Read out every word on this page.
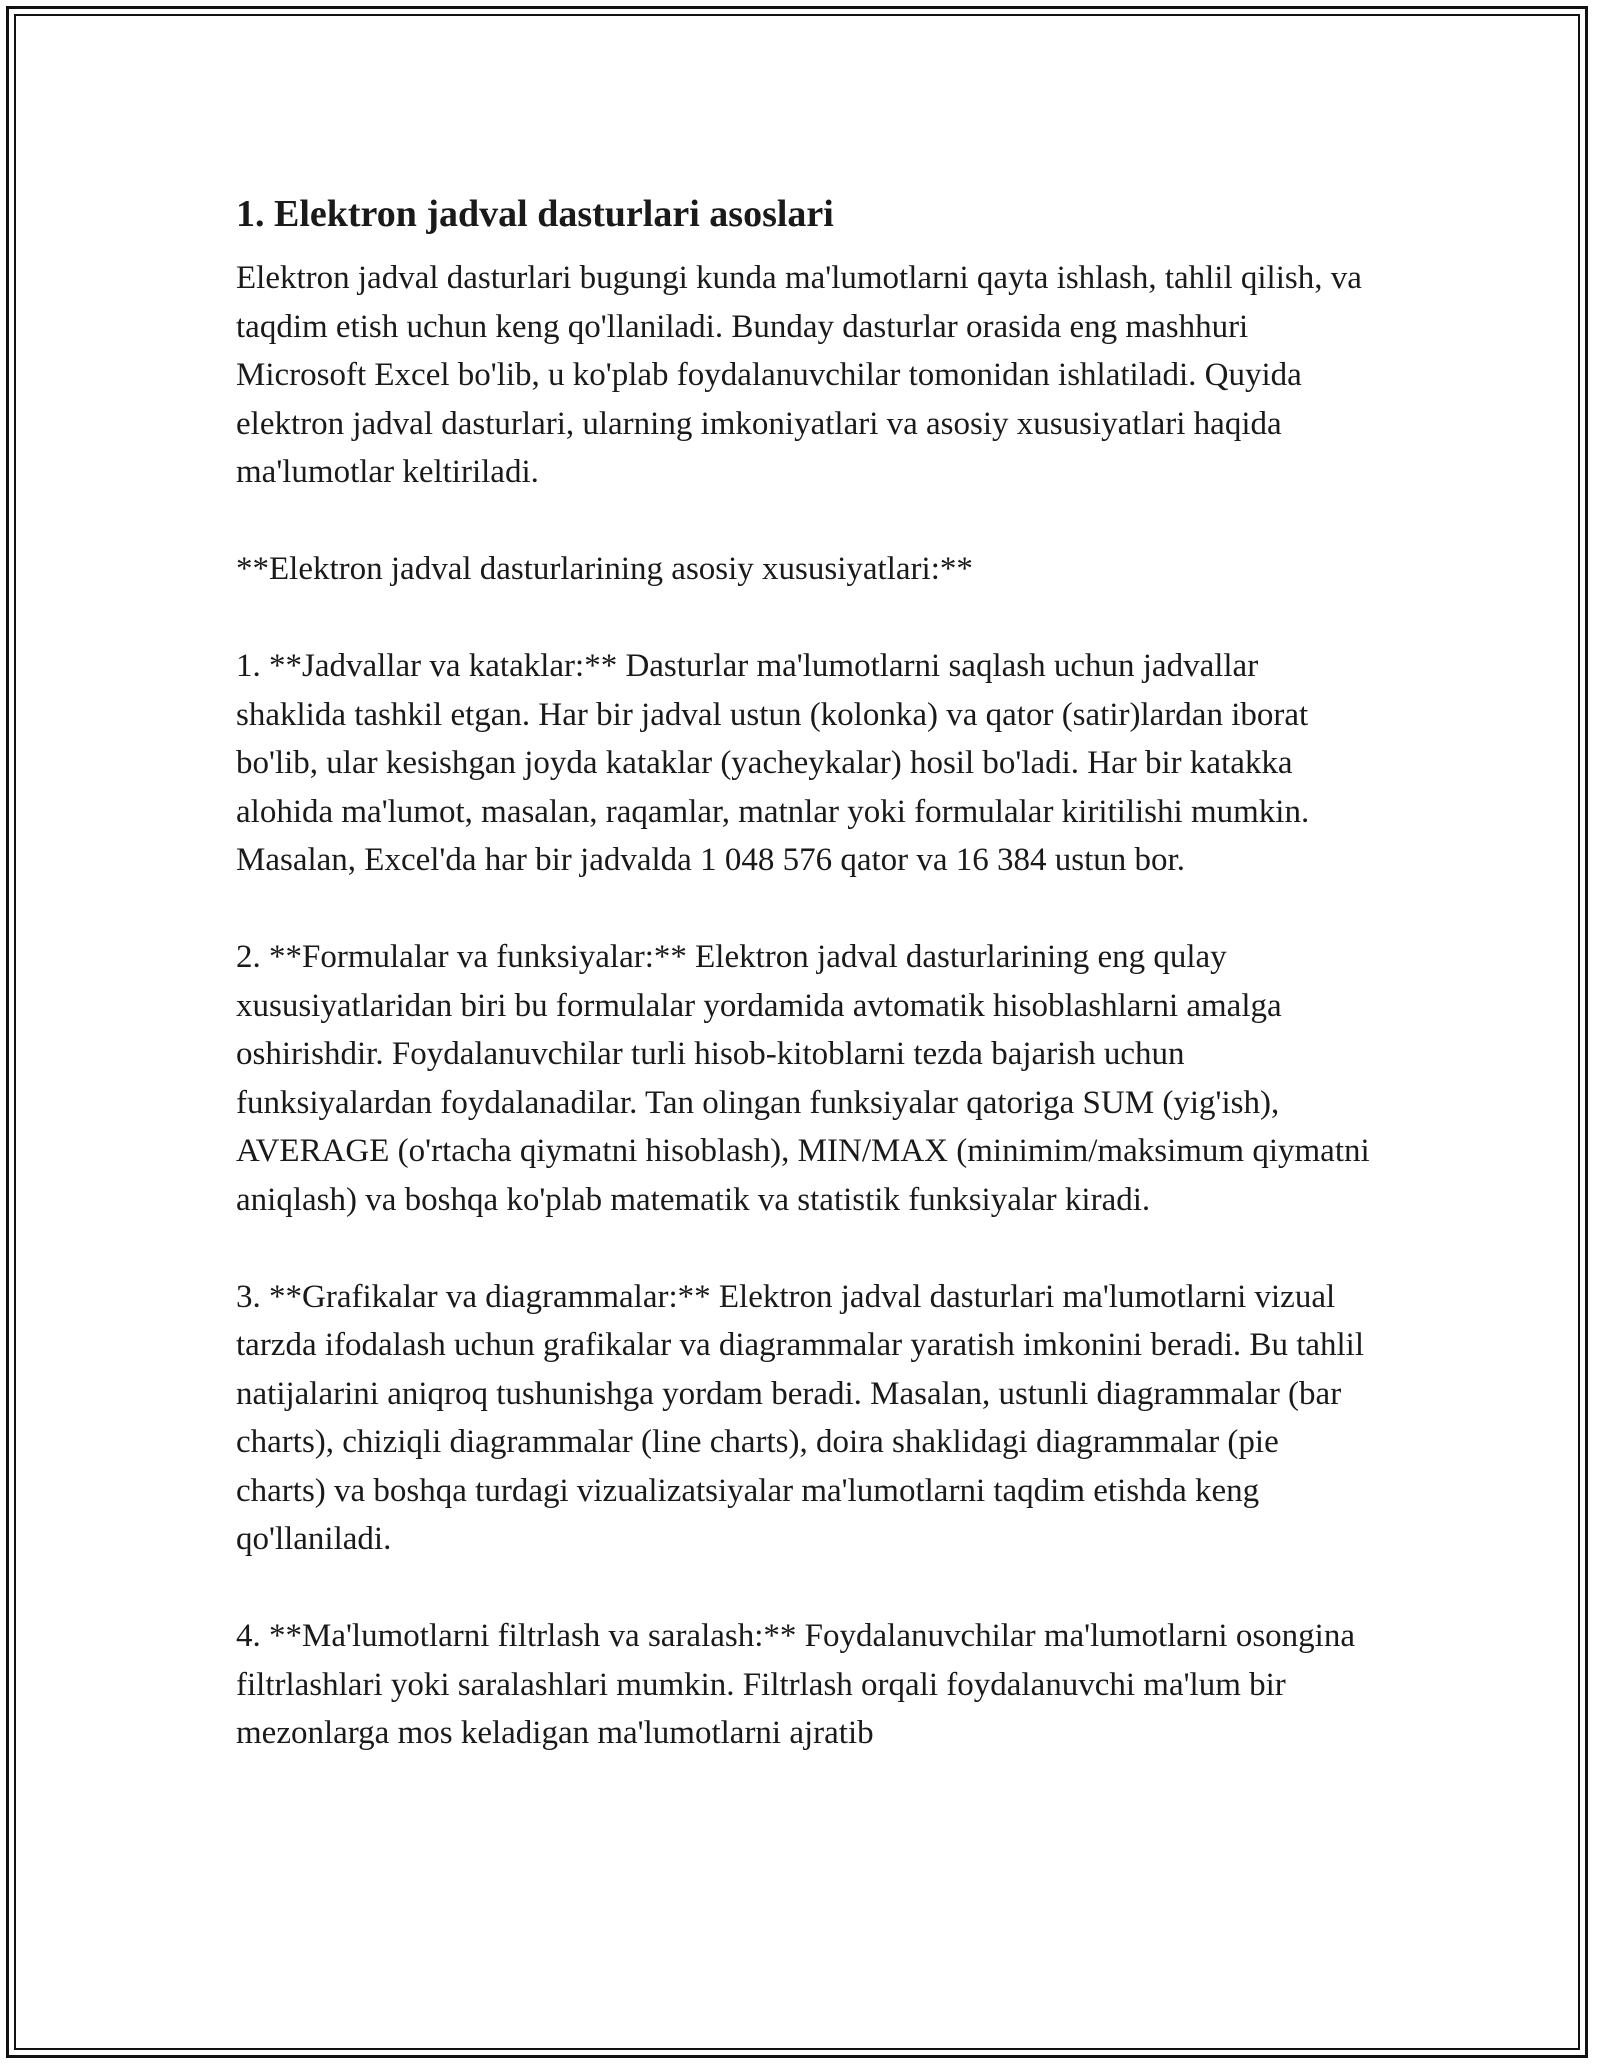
1. Elektron jadval dasturlari asoslari

Elektron jadval dasturlari bugungi kunda ma'lumotlarni qayta ishlash, tahlil qilish, va taqdim etish uchun keng qo'llaniladi. Bunday dasturlar orasida eng mashhuri Microsoft Excel bo'lib, u ko'plab foydalanuvchilar tomonidan ishlatiladi. Quyida elektron jadval dasturlari, ularning imkoniyatlari va asosiy xususiyatlari haqida ma'lumotlar keltiriladi.

**Elektron jadval dasturlarining asosiy xususiyatlari:**

1. **Jadvallar va kataklar:** Dasturlar ma'lumotlarni saqlash uchun jadvallar shaklida tashkil etgan. Har bir jadval ustun (kolonka) va qator (satir)lardan iborat bo'lib, ular kesishgan joyda kataklar (yacheykalar) hosil bo'ladi. Har bir katakka alohida ma'lumot, masalan, raqamlar, matnlar yoki formulalar kiritilishi mumkin. Masalan, Excel'da har bir jadvalda 1 048 576 qator va 16 384 ustun bor.

2. **Formulalar va funksiyalar:** Elektron jadval dasturlarining eng qulay xususiyatlaridan biri bu formulalar yordamida avtomatik hisoblashlarni amalga oshirishdir. Foydalanuvchilar turli hisob-kitoblarni tezda bajarish uchun funksiyalardan foydalanadilar. Tan olingan funksiyalar qatoriga SUM (yig'ish), AVERAGE (o'rtacha qiymatni hisoblash), MIN/MAX (minimim/maksimum qiymatni aniqlash) va boshqa ko'plab matematik va statistik funksiyalar kiradi.

3. **Grafikalar va diagrammalar:** Elektron jadval dasturlari ma'lumotlarni vizual tarzda ifodalash uchun grafikalar va diagrammalar yaratish imkonini beradi. Bu tahlil natijalarini aniqroq tushunishga yordam beradi. Masalan, ustunli diagrammalar (bar charts), chiziqli diagrammalar (line charts), doira shaklidagi diagrammalar (pie charts) va boshqa turdagi vizualizatsiyalar ma'lumotlarni taqdim etishda keng qo'llaniladi.

4. **Ma'lumotlarni filtrlash va saralash:** Foydalanuvchilar ma'lumotlarni osongina filtrlashlari yoki saralashlari mumkin. Filtrlash orqali foydalanuvchi ma'lum bir mezonlarga mos keladigan ma'lumotlarni ajratib
